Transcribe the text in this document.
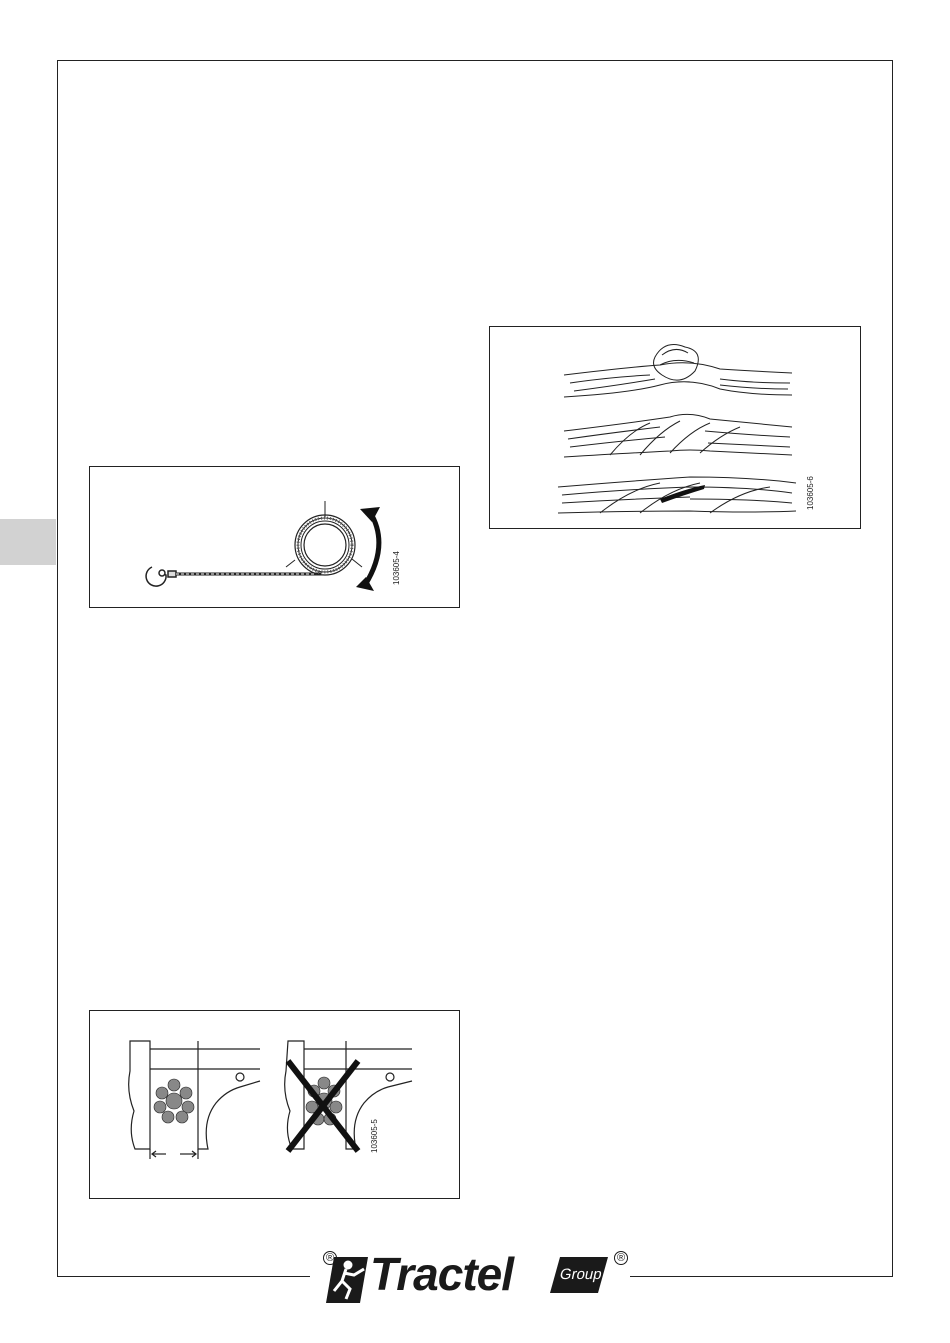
103605-4
103605-5
103605-6
® Tractel	Group
®
